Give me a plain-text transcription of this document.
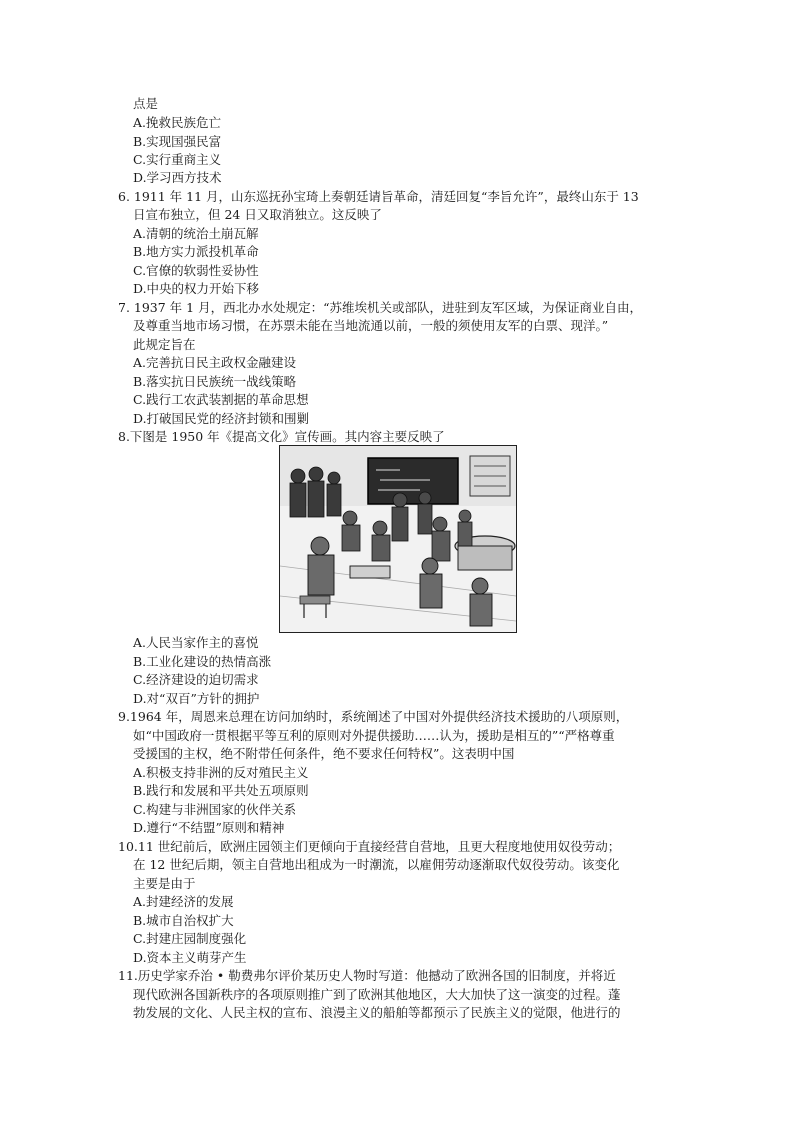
点是
A.挽救民族危亡
B.实现国强民富
C.实行重商主义
D.学习西方技术
6. 1911 年 11 月，山东巡抚孙宝琦上奏朝廷请旨革命，清廷回复“李旨允许”，最终山东于 13
日宣布独立，但 24 日又取消独立。这反映了
A.清朝的统治土崩瓦解
B.地方实力派投机革命
C.官僚的软弱性妥协性
D.中央的权力开始下移
7. 1937 年 1 月，西北办水处规定：“苏维埃机关或部队，进驻到友军区域，为保证商业自由，
及尊重当地市场习惯，在苏票未能在当地流通以前，一般的须使用友军的白票、现洋。”
此规定旨在
A.完善抗日民主政权金融建设
B.落实抗日民族统一战线策略
C.践行工农武装割据的革命思想
D.打破国民党的经济封锁和围剿
8.下图是 1950 年《提高文化》宣传画。其内容主要反映了
A.人民当家作主的喜悦
B.工业化建设的热情高涨
C.经济建设的迫切需求
D.对“双百”方针的拥护
9.1964 年，周恩来总理在访问加纳时，系统阐述了中国对外提供经济技术援助的八项原则，
如“中国政府一贯根据平等互利的原则对外提供援助……认为，援助是相互的”“严格尊重
受援国的主权，绝不附带任何条件，绝不要求任何特权”。这表明中国
A.积极支持非洲的反对殖民主义
B.践行和发展和平共处五项原则
C.构建与非洲国家的伙伴关系
D.遵行“不结盟”原则和精神
10.11 世纪前后，欧洲庄园领主们更倾向于直接经营自营地，且更大程度地使用奴役劳动；
在 12 世纪后期，领主自营地出租成为一时潮流，以雇佣劳动逐渐取代奴役劳动。该变化
主要是由于
A.封建经济的发展
B.城市自治权扩大
C.封建庄园制度强化
D.资本主义萌芽产生
11.历史学家乔治 • 勒费弗尔评价某历史人物时写道：他撼动了欧洲各国的旧制度，并将近
现代欧洲各国新秩序的各项原则推广到了欧洲其他地区，大大加快了这一演变的过程。蓬
勃发展的文化、人民主权的宣布、浪漫主义的船舶等都预示了民族主义的觉限，他进行的
